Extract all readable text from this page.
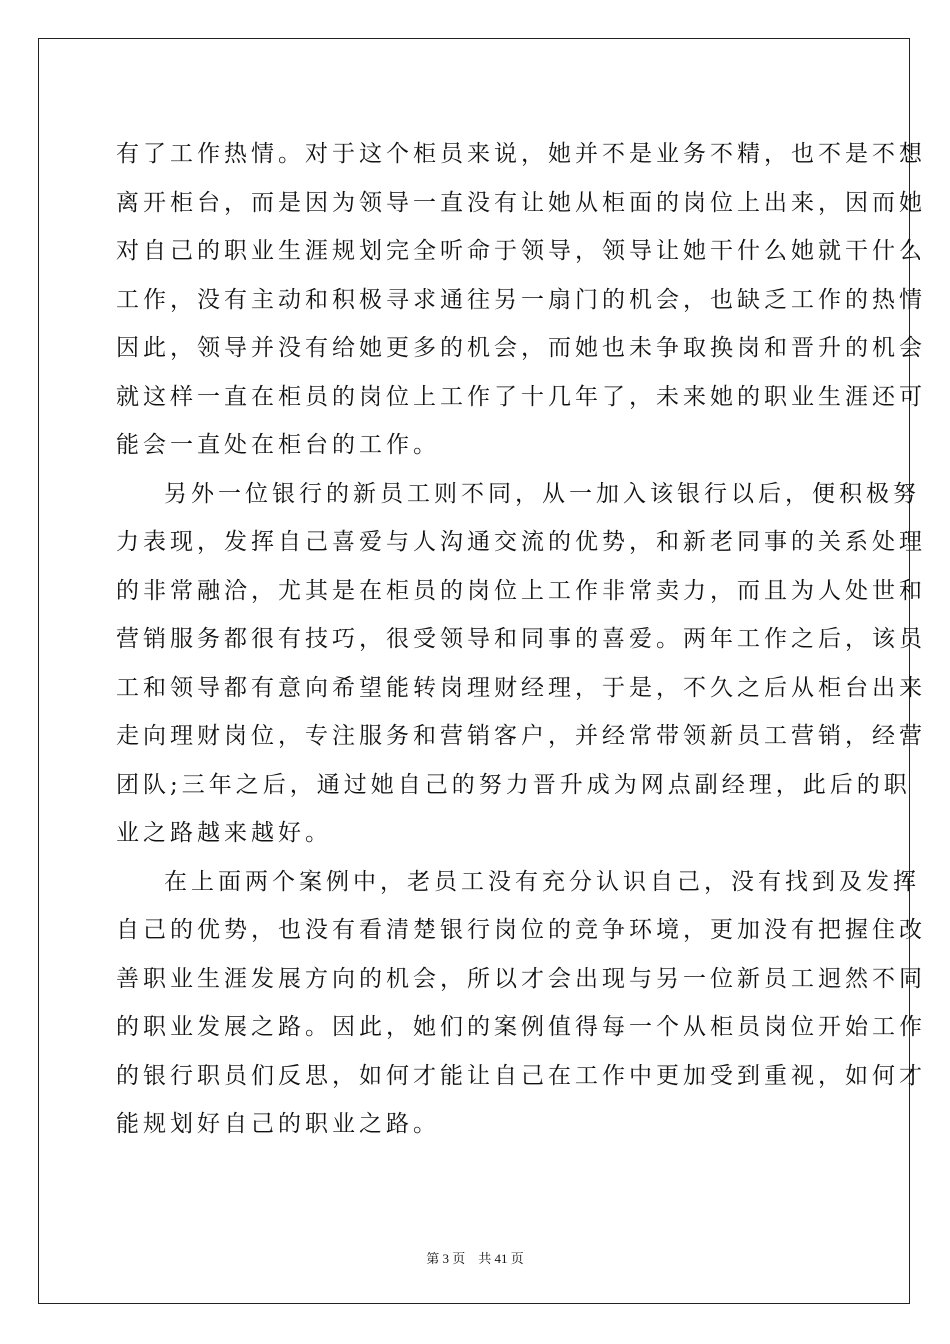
有了工作热情。对于这个柜员来说，她并不是业务不精，也不是不想
离开柜台，而是因为领导一直没有让她从柜面的岗位上出来，因而她
对自己的职业生涯规划完全听命于领导，领导让她干什么她就干什么
工作，没有主动和积极寻求通往另一扇门的机会，也缺乏工作的热情
因此，领导并没有给她更多的机会，而她也未争取换岗和晋升的机会
就这样一直在柜员的岗位上工作了十几年了，未来她的职业生涯还可
能会一直处在柜台的工作。
另外一位银行的新员工则不同，从一加入该银行以后，便积极努
力表现，发挥自己喜爱与人沟通交流的优势，和新老同事的关系处理
的非常融洽，尤其是在柜员的岗位上工作非常卖力，而且为人处世和
营销服务都很有技巧，很受领导和同事的喜爱。两年工作之后，该员
工和领导都有意向希望能转岗理财经理，于是，不久之后从柜台出来
走向理财岗位，专注服务和营销客户，并经常带领新员工营销，经营
团队;三年之后，通过她自己的努力晋升成为网点副经理，此后的职
业之路越来越好。
在上面两个案例中，老员工没有充分认识自己，没有找到及发挥
自己的优势，也没有看清楚银行岗位的竞争环境，更加没有把握住改
善职业生涯发展方向的机会，所以才会出现与另一位新员工迥然不同
的职业发展之路。因此，她们的案例值得每一个从柜员岗位开始工作
的银行职员们反思，如何才能让自己在工作中更加受到重视，如何才
能规划好自己的职业之路。
第 3 页    共 41 页
